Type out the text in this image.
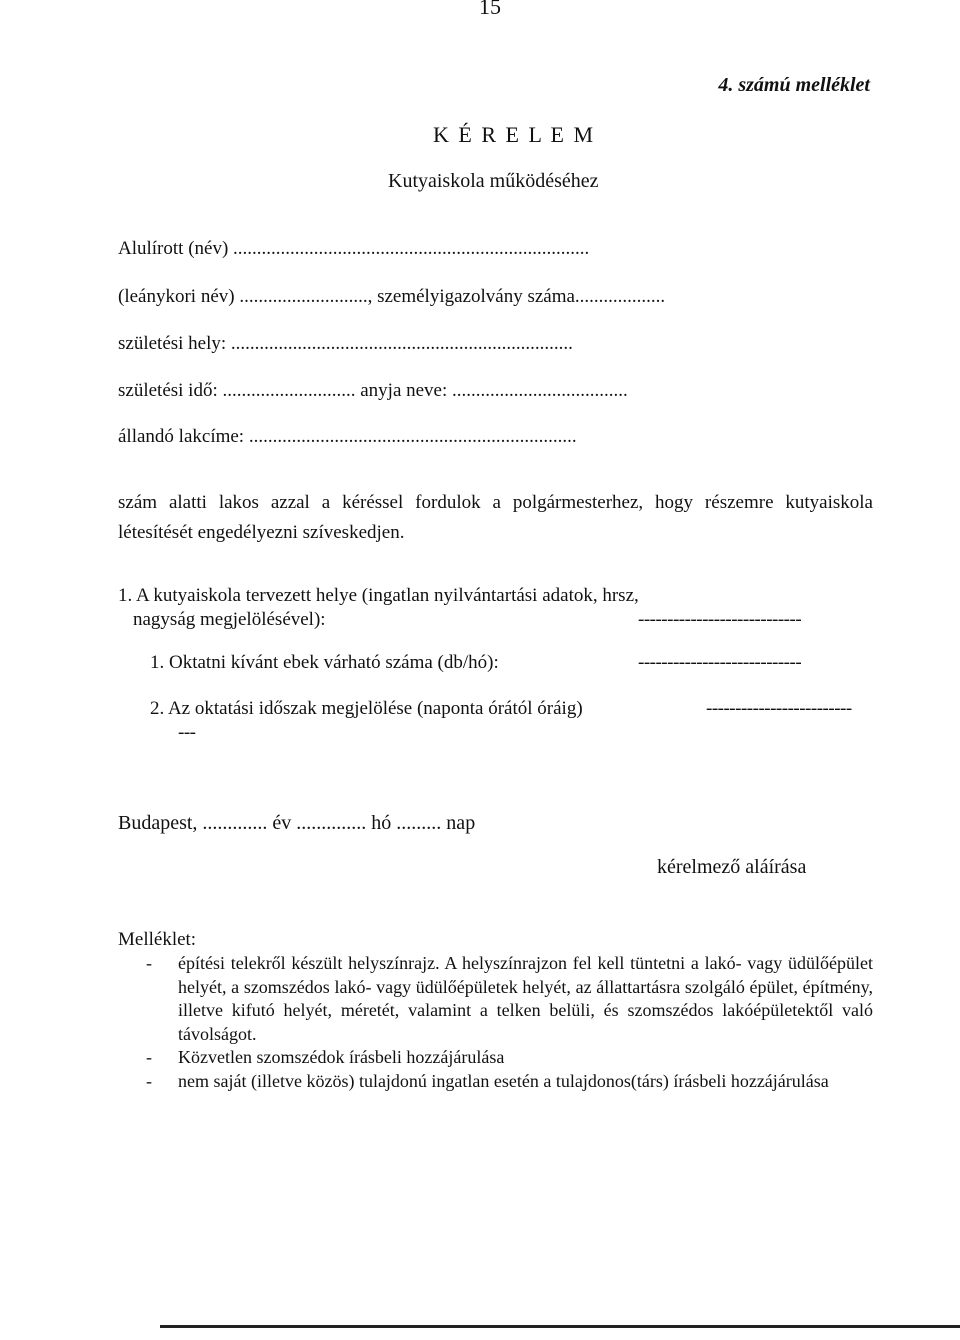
15
4. számú melléklet
K É R E L E M
Kutyaiskola működéséhez
Alulírott (név) ...........................................................................
(leánykori név) ..........................., személyigazolvány száma...................
születési hely: ........................................................................
születési idő: ............................ anyja neve: .....................................
állandó lakcíme: .....................................................................
szám alatti lakos azzal a kéréssel fordulok a polgármesterhez, hogy részemre kutyaiskola
létesítését engedélyezni szíveskedjen.
1. A kutyaiskola tervezett helye (ingatlan nyilvántartási adatok, hrsz,
nagyság megjelölésével):	----------------------------
1. Oktatni kívánt ebek várható száma (db/hó):	----------------------------
2. Az oktatási időszak megjelölése (naponta órától óráig)	-------------------------
---
Budapest, ............. év .............. hó ......... nap
kérelmező aláírása
Melléklet:
- építési telekről készült helyszínrajz. A helyszínrajzon fel kell tüntetni a lakó- vagy üdülőépület helyét, a szomszédos lakó- vagy üdülőépületek helyét, az állattartásra szolgáló épület, építmény, illetve kifutó helyét, méretét, valamint a telken belüli, és szomszédos lakóépületektől való távolságot.
- Közvetlen szomszédok írásbeli hozzájárulása
- nem saját (illetve közös) tulajdonú ingatlan esetén a tulajdonos(társ) írásbeli hozzájárulása
